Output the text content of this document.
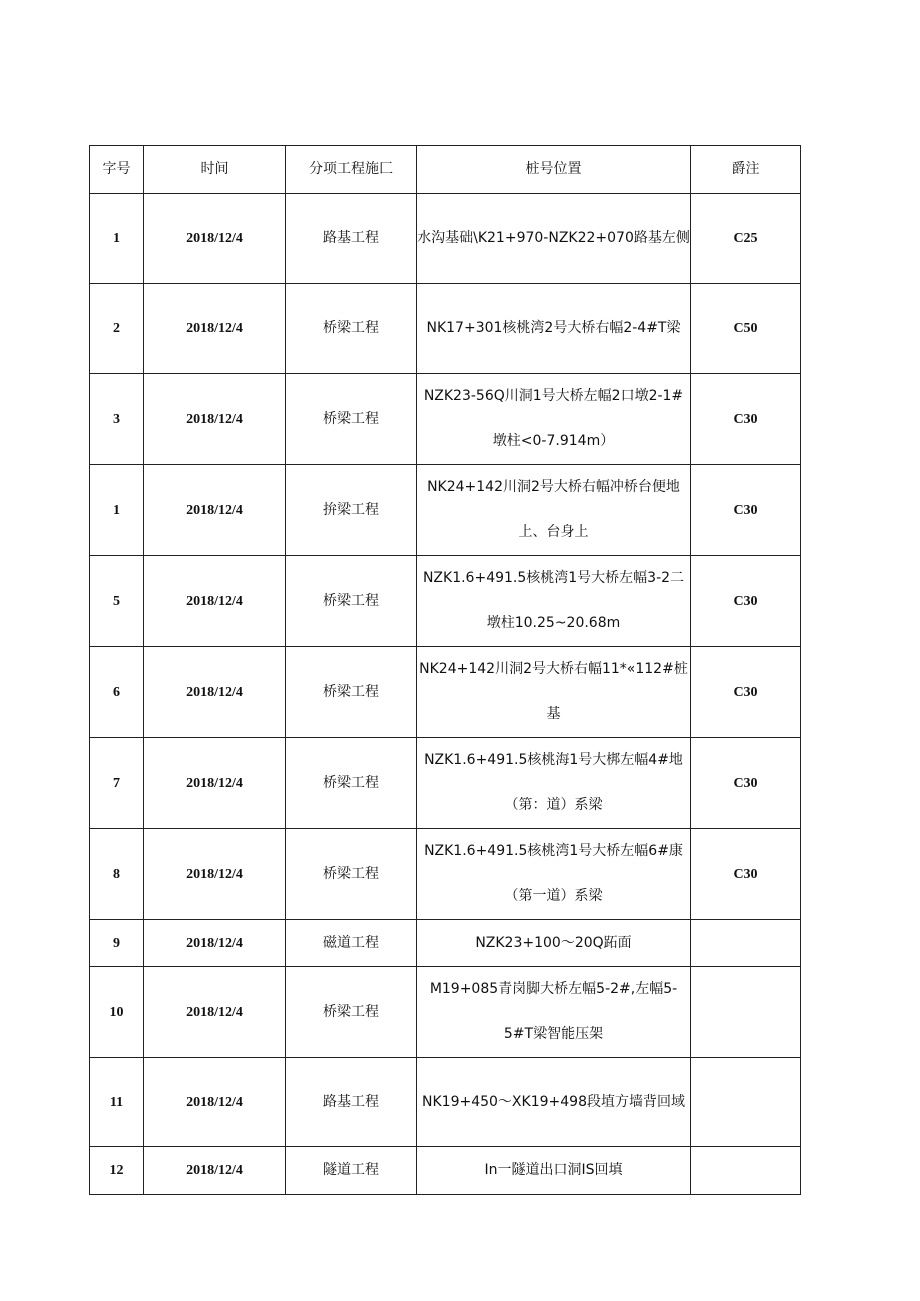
字号	时间	分项工程施匚	桩号位置	爵注
1	2018/12/4	路基工程	水沟基础\K21+970-NZK22+070路基左侧	C25
2	2018/12/4	桥梁工程	NK17+301核桃湾2号大桥右幅2-4#T梁	C50
3	2018/12/4	桥梁工程	NZK23-56Q川洞1号大桥左幅2口墩2-1#墩柱<0-7.914m）	C30
1	2018/12/4	拚梁工程	NK24+142川洞2号大桥右幅冲桥台便地上、台身上	C30
5	2018/12/4	桥梁工程	NZK1.6+491.5核桃湾1号大桥左幅3-2二墩柱10.25~20.68m	C30
6	2018/12/4	桥梁工程	NK24+142川洞2号大桥右幅11*«112#桩基	C30
7	2018/12/4	桥梁工程	NZK1.6+491.5核桃海1号大梆左幅4#地（第：道）系梁	C30
8	2018/12/4	桥梁工程	NZK1.6+491.5核桃湾1号大桥左幅6#康（第一道）系梁	C30
9	2018/12/4	磁道工程	NZK23+100〜20Q跖面	
10	2018/12/4	桥梁工程	M19+085青岗脚大桥左幅5-2#,左幅5-5#T梁智能压架	
11	2018/12/4	路基工程	NK19+450〜XK19+498段埴方墙背回域	
12	2018/12/4	隧道工程	In一隧道出口洞IS回填	
